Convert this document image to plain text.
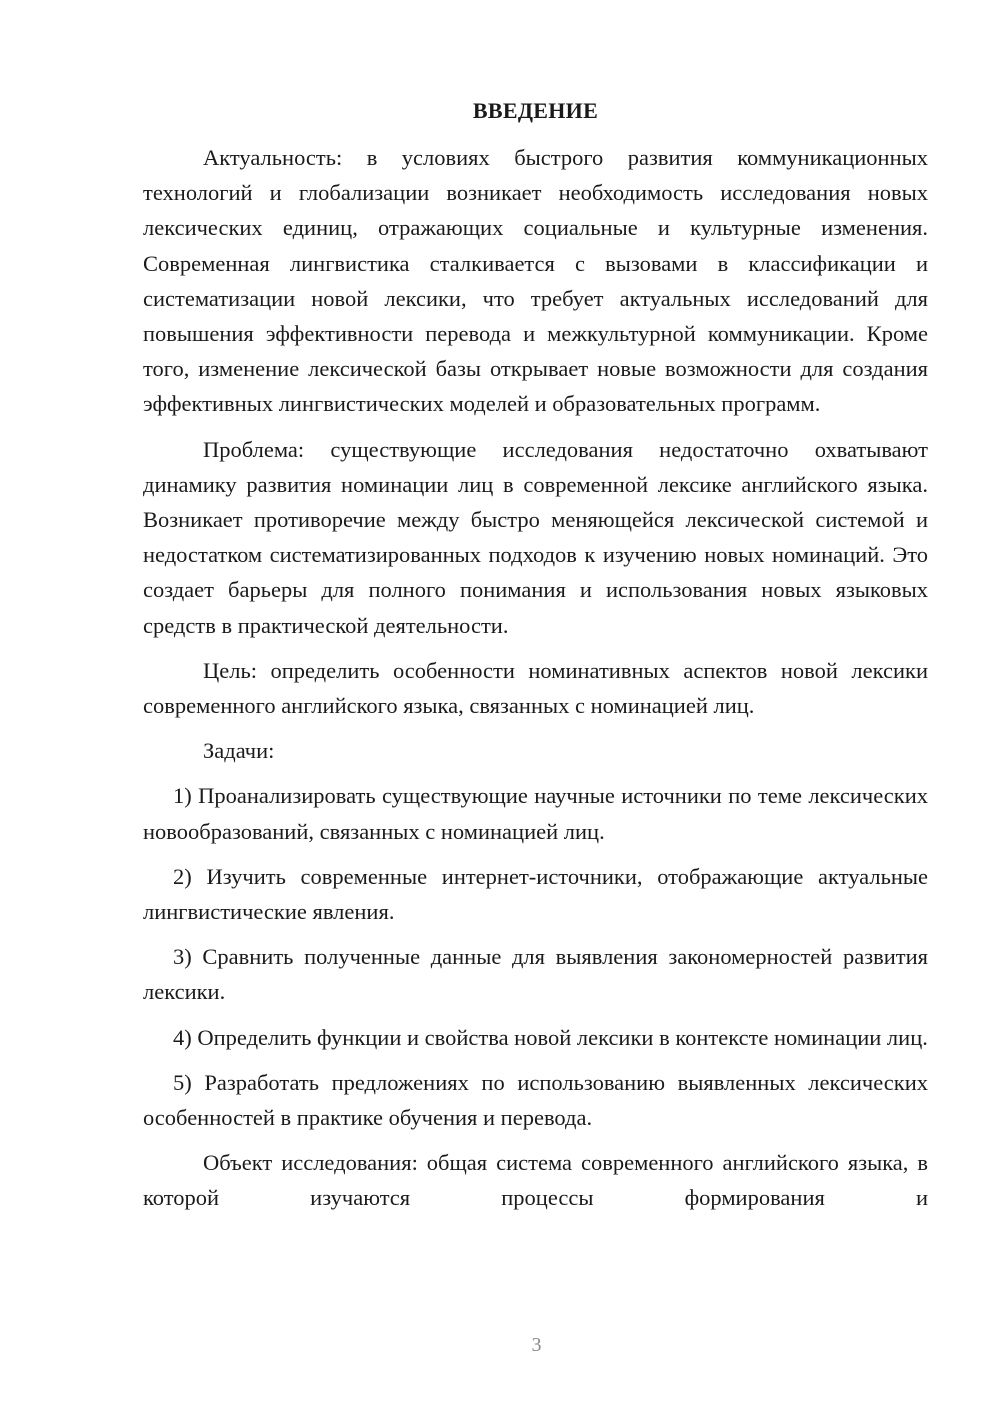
ВВЕДЕНИЕ

Актуальность: в условиях быстрого развития коммуникационных технологий и глобализации возникает необходимость исследования новых лексических единиц, отражающих социальные и культурные изменения. Современная лингвистика сталкивается с вызовами в классификации и систематизации новой лексики, что требует актуальных исследований для повышения эффективности перевода и межкультурной коммуникации. Кроме того, изменение лексической базы открывает новые возможности для создания эффективных лингвистических моделей и образовательных программ.

Проблема: существующие исследования недостаточно охватывают динамику развития номинации лиц в современной лексике английского языка. Возникает противоречие между быстро меняющейся лексической системой и недостатком систематизированных подходов к изучению новых номинаций. Это создает барьеры для полного понимания и использования новых языковых средств в практической деятельности.

Цель: определить особенности номинативных аспектов новой лексики современного английского языка, связанных с номинацией лиц.

Задачи:

1) Проанализировать существующие научные источники по теме лексических новообразований, связанных с номинацией лиц.

2) Изучить современные интернет-источники, отображающие актуальные лингвистические явления.

3) Сравнить полученные данные для выявления закономерностей развития лексики.

4) Определить функции и свойства новой лексики в контексте номинации лиц.

5) Разработать предложениях по использованию выявленных лексических особенностей в практике обучения и перевода.

Объект исследования: общая система современного английского языка, в которой изучаются процессы формирования и

3
